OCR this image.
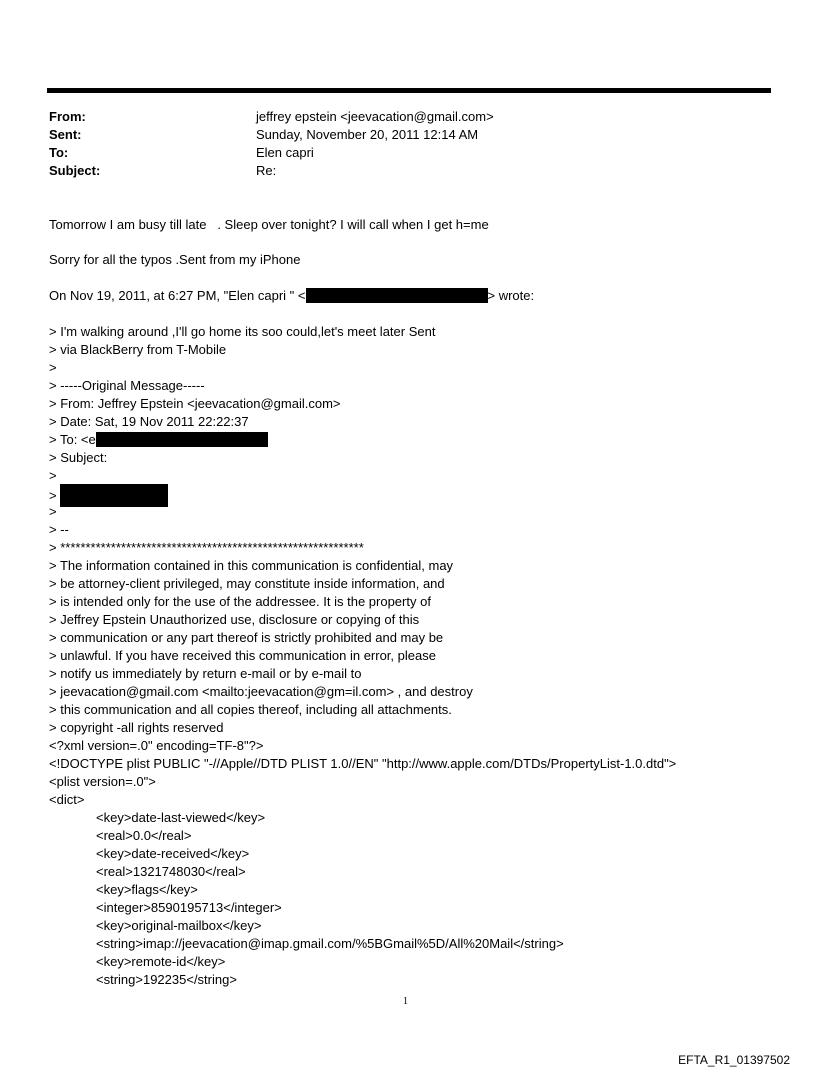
From:	jeffrey epstein <jeevacation@gmail.com>
Sent:	Sunday, November 20, 2011 12:14 AM
To:	Elen capri
Subject:	Re:
Tomorrow I am busy till late   . Sleep over tonight? I will call when I get h=me
Sorry for all the typos .Sent from my iPhone
On Nov 19, 2011, at 6:27 PM, "Elen capri " <	> wrote:
> I'm walking around ,I'll go home its soo could,let's meet later Sent
> via BlackBerry from T-Mobile
>
> -----Original Message-----
> From: Jeffrey Epstein <jeevacation@gmail.com>
> Date: Sat, 19 Nov 2011 22:22:37
> To: <e
> Subject:
>
>
>
> --
> ************************************************************
> The information contained in this communication is confidential, may
> be attorney-client privileged, may constitute inside information, and
> is intended only for the use of the addressee. It is the property of
> Jeffrey Epstein Unauthorized use, disclosure or copying of this
> communication or any part thereof is strictly prohibited and may be
> unlawful. If you have received this communication in error, please
> notify us immediately by return e-mail or by e-mail to
> jeevacation@gmail.com <mailto:jeevacation@gm=il.com> , and destroy
> this communication and all copies thereof, including all attachments.
> copyright -all rights reserved
<?xml version=.0" encoding=TF-8"?>
<!DOCTYPE plist PUBLIC "-//Apple//DTD PLIST 1.0//EN" "http://www.apple.com/DTDs/PropertyList-1.0.dtd">
<plist version=.0">
<dict>
<key>date-last-viewed</key>
<real>0.0</real>
<key>date-received</key>
<real>1321748030</real>
<key>flags</key>
<integer>8590195713</integer>
<key>original-mailbox</key>
<string>imap://jeevacation@imap.gmail.com/%5BGmail%5D/All%20Mail</string>
<key>remote-id</key>
<string>192235</string>
1
EFTA_R1_01397502
